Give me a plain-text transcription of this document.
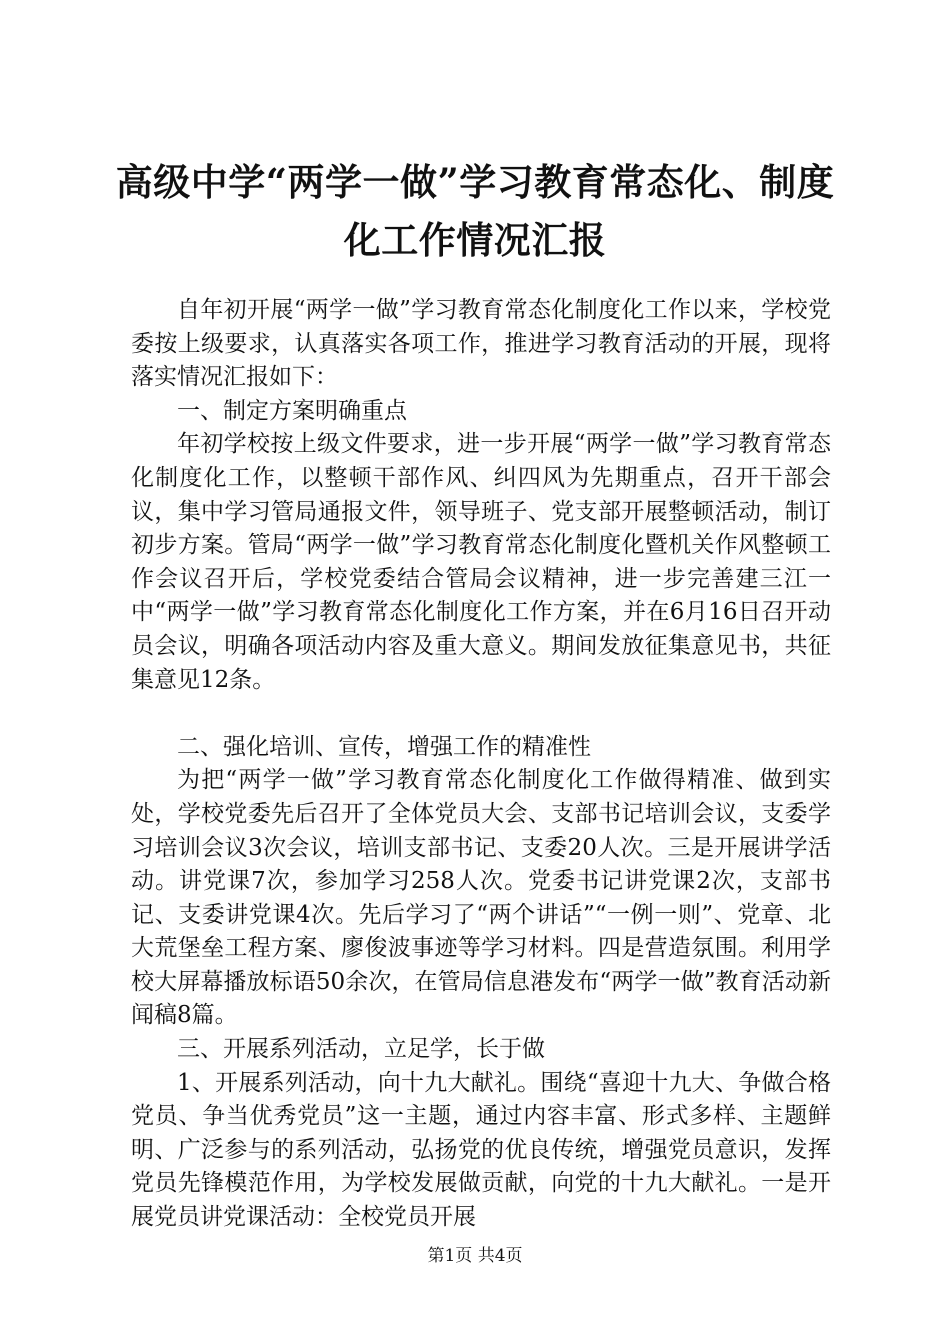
高级中学“两学一做”学习教育常态化、制度
化工作情况汇报

自年初开展“两学一做”学习教育常态化制度化工作以来，学校党委按上级要求，认真落实各项工作，推进学习教育活动的开展，现将落实情况汇报如下：

一、制定方案明确重点

年初学校按上级文件要求，进一步开展“两学一做”学习教育常态化制度化工作，以整顿干部作风、纠四风为先期重点，召开干部会议，集中学习管局通报文件，领导班子、党支部开展整顿活动，制订初步方案。管局“两学一做”学习教育常态化制度化暨机关作风整顿工作会议召开后，学校党委结合管局会议精神，进一步完善建三江一中“两学一做”学习教育常态化制度化工作方案，并在6月16日召开动员会议，明确各项活动内容及重大意义。期间发放征集意见书，共征集意见12条。

二、强化培训、宣传，增强工作的精准性

为把“两学一做”学习教育常态化制度化工作做得精准、做到实处，学校党委先后召开了全体党员大会、支部书记培训会议，支委学习培训会议3次会议，培训支部书记、支委20人次。三是开展讲学活动。讲党课7次，参加学习258人次。党委书记讲党课2次，支部书记、支委讲党课4次。先后学习了“两个讲话”“一例一则”、党章、北大荒堡垒工程方案、廖俊波事迹等学习材料。四是营造氛围。利用学校大屏幕播放标语50余次，在管局信息港发布“两学一做”教育活动新闻稿8篇。

三、开展系列活动，立足学，长于做

1、开展系列活动，向十九大献礼。围绕“喜迎十九大、争做合格党员、争当优秀党员”这一主题，通过内容丰富、形式多样、主题鲜明、广泛参与的系列活动，弘扬党的优良传统，增强党员意识，发挥党员先锋模范作用，为学校发展做贡献，向党的十九大献礼。一是开展党员讲党课活动：全校党员开展

第1页 共4页
